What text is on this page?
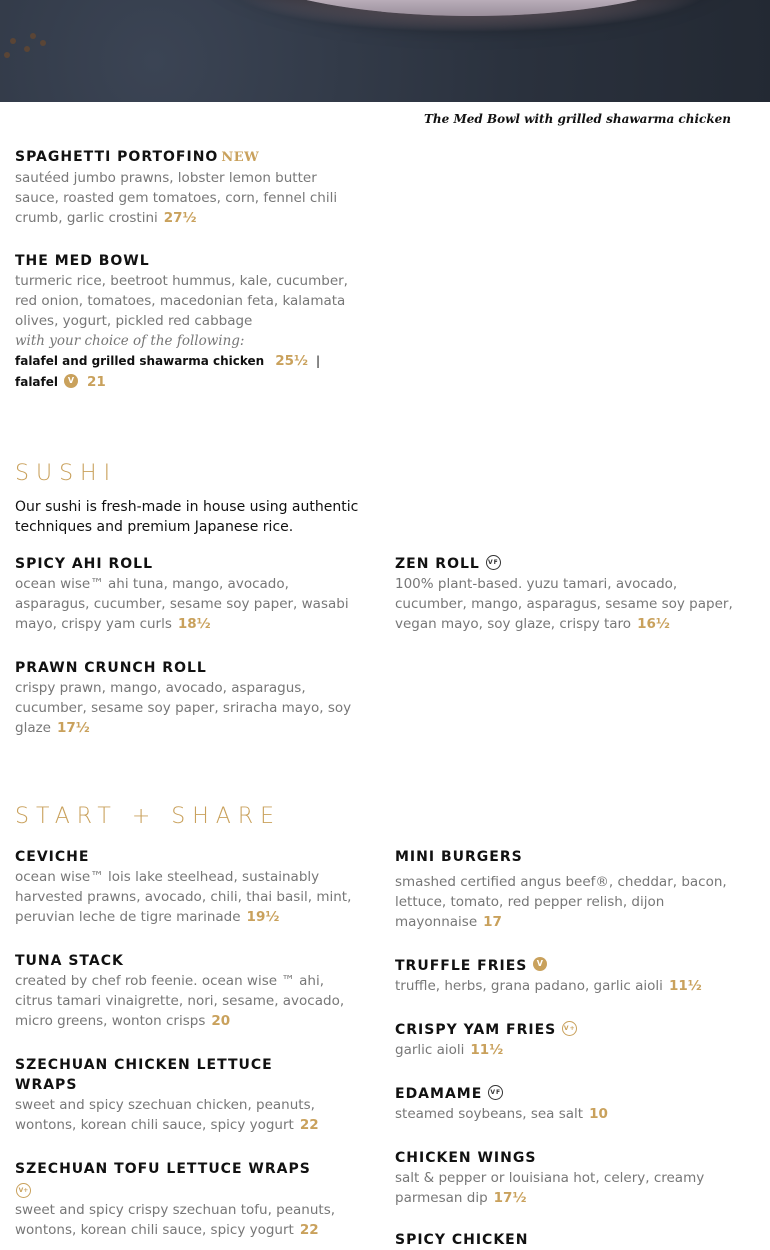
The Med Bowl with grilled shawarma chicken
SPAGHETTI PORTOFINO NEW
sautéed jumbo prawns, lobster lemon butter sauce, roasted gem tomatoes, corn, fennel chili crumb, garlic crostini 27½
THE MED BOWL
turmeric rice, beetroot hummus, kale, cucumber, red onion, tomatoes, macedonian feta, kalamata olives, yogurt, pickled red cabbage
with your choice of the following:
falafel and grilled shawarma chicken 25½ |
falafel V 21
SUSHI
Our sushi is fresh-made in house using authentic techniques and premium Japanese rice.
SPICY AHI ROLL
ocean wise™ ahi tuna, mango, avocado, asparagus, cucumber, sesame soy paper, wasabi mayo, crispy yam curls 18½
ZEN ROLL VF
100% plant-based. yuzu tamari, avocado, cucumber, mango, asparagus, sesame soy paper, vegan mayo, soy glaze, crispy taro 16½
PRAWN CRUNCH ROLL
crispy prawn, mango, avocado, asparagus, cucumber, sesame soy paper, sriracha mayo, soy glaze 17½
START + SHARE
CEVICHE
ocean wise™ lois lake steelhead, sustainably harvested prawns, avocado, chili, thai basil, mint, peruvian leche de tigre marinade 19½
TUNA STACK
created by chef rob feenie. ocean wise ™ ahi, citrus tamari vinaigrette, nori, sesame, avocado, micro greens, wonton crisps 20
SZECHUAN CHICKEN LETTUCE WRAPS
sweet and spicy szechuan chicken, peanuts, wontons, korean chili sauce, spicy yogurt 22
SZECHUAN TOFU LETTUCE WRAPS
V+
sweet and spicy crispy szechuan tofu, peanuts, wontons, korean chili sauce, spicy yogurt 22
MINI BURGERS
smashed certified angus beef®, cheddar, bacon, lettuce, tomato, red pepper relish, dijon mayonnaise 17
TRUFFLE FRIES V
truffle, herbs, grana padano, garlic aioli 11½
CRISPY YAM FRIES V+
garlic aioli 11½
EDAMAME VF
steamed soybeans, sea salt 10
CHICKEN WINGS
salt & pepper or louisiana hot, celery, creamy parmesan dip 17½
SPICY CHICKEN
